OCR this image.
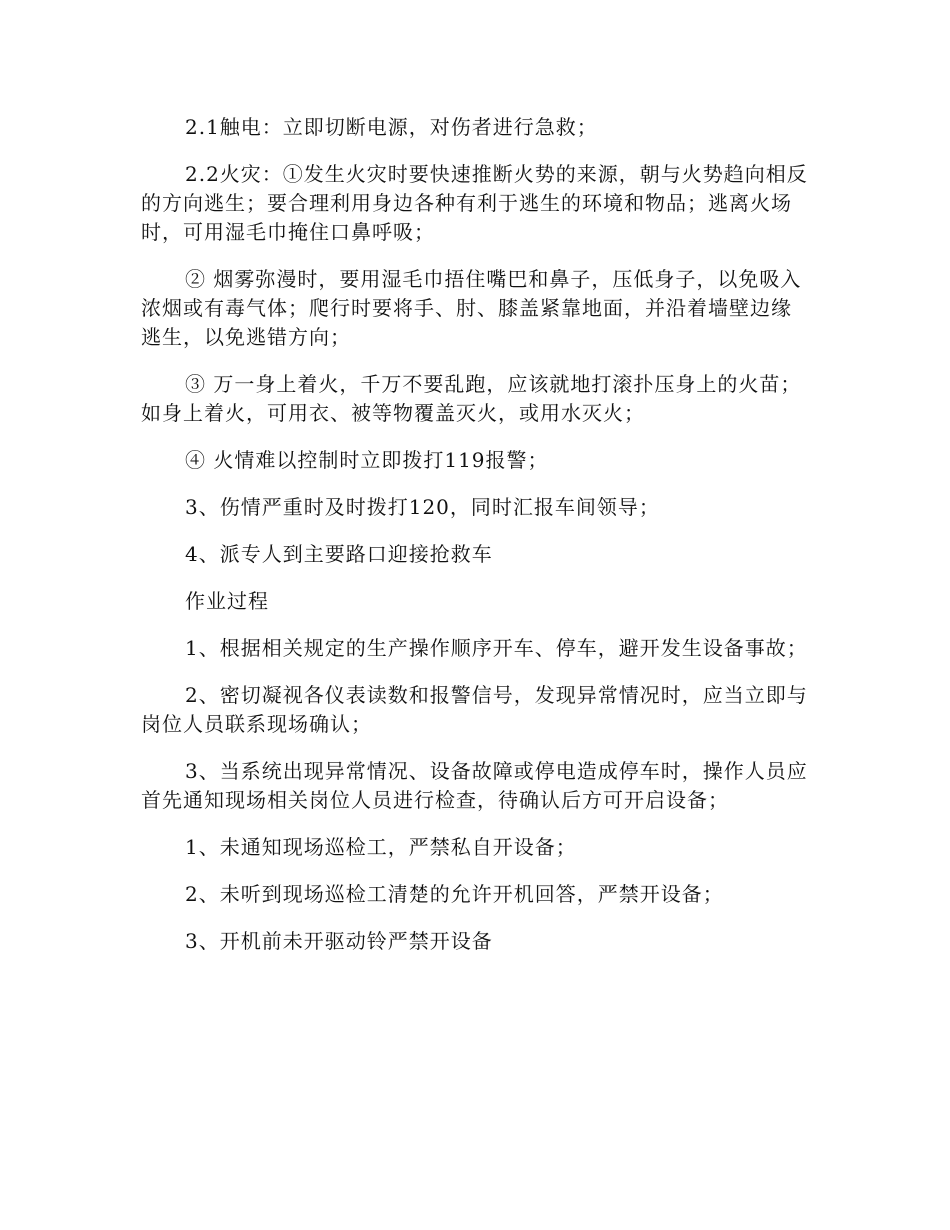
2.1触电：立即切断电源，对伤者进行急救；

2.2火灾：①发生火灾时要快速推断火势的来源，朝与火势趋向相反的方向逃生；要合理利用身边各种有利于逃生的环境和物品；逃离火场时，可用湿毛巾掩住口鼻呼吸；

② 烟雾弥漫时，要用湿毛巾捂住嘴巴和鼻子，压低身子，以免吸入浓烟或有毒气体；爬行时要将手、肘、膝盖紧靠地面，并沿着墙壁边缘逃生，以免逃错方向；

③ 万一身上着火，千万不要乱跑，应该就地打滚扑压身上的火苗；如身上着火，可用衣、被等物覆盖灭火，或用水灭火；

④ 火情难以控制时立即拨打119报警；

3、伤情严重时及时拨打120，同时汇报车间领导；

4、派专人到主要路口迎接抢救车

作业过程

1、根据相关规定的生产操作顺序开车、停车，避开发生设备事故；

2、密切凝视各仪表读数和报警信号，发现异常情况时，应当立即与岗位人员联系现场确认；

3、当系统出现异常情况、设备故障或停电造成停车时，操作人员应首先通知现场相关岗位人员进行检查，待确认后方可开启设备；

1、未通知现场巡检工，严禁私自开设备；

2、未听到现场巡检工清楚的允许开机回答，严禁开设备；

3、开机前未开驱动铃严禁开设备
